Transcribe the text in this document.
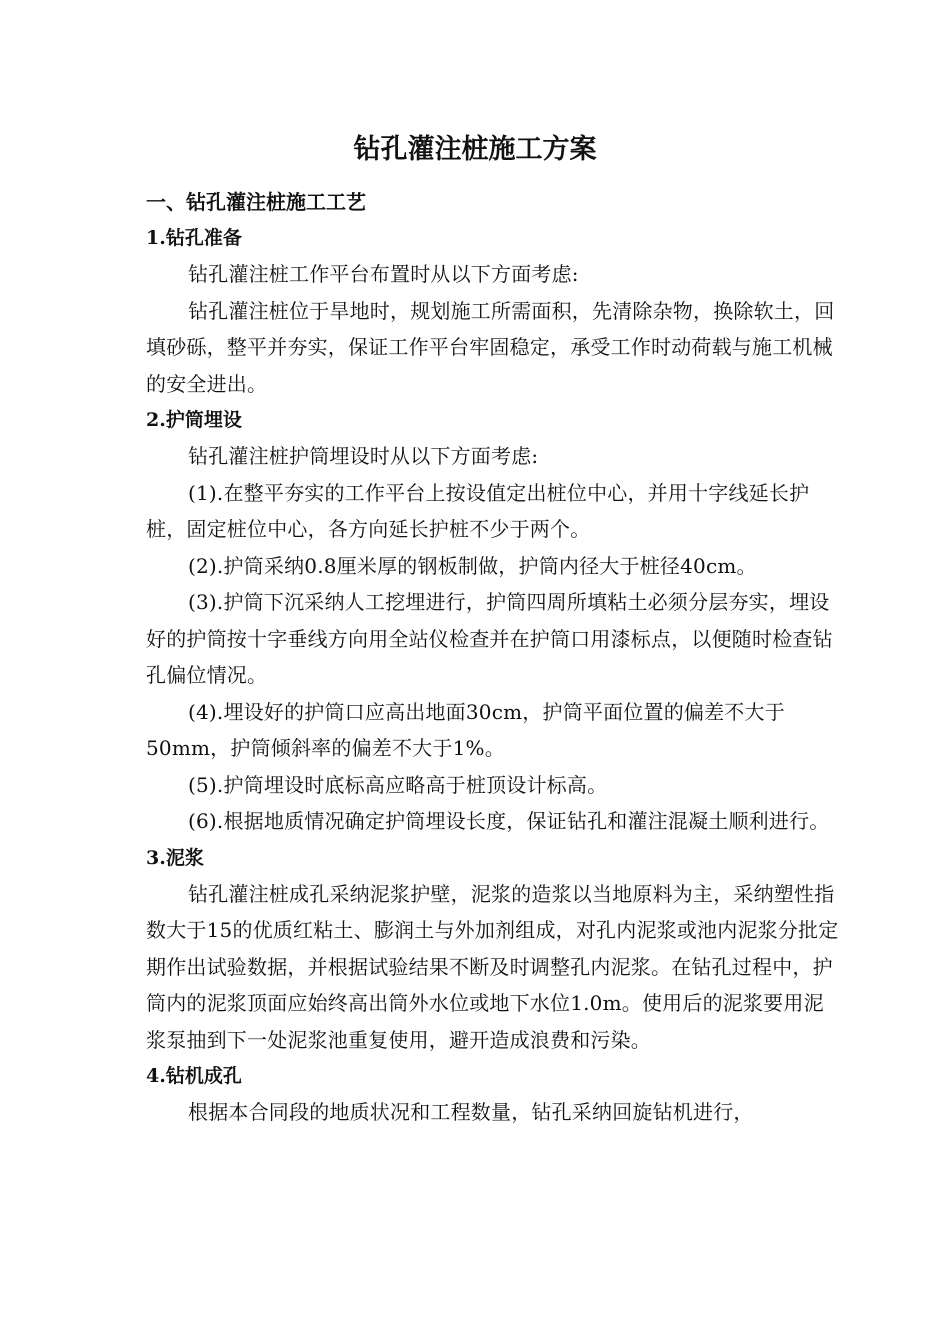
钻孔灌注桩施工方案
一、钻孔灌注桩施工工艺
1.钻孔准备

钻孔灌注桩工作平台布置时从以下方面考虑:

钻孔灌注桩位于旱地时，规划施工所需面积，先清除杂物，换除软土，回填砂砾，整平并夯实，保证工作平台牢固稳定，承受工作时动荷载与施工机械的安全进出。

2.护筒埋设

钻孔灌注桩护筒埋设时从以下方面考虑:

(1).在整平夯实的工作平台上按设值定出桩位中心，并用十字线延长护桩，固定桩位中心，各方向延长护桩不少于两个。

(2).护筒采纳0.8厘米厚的钢板制做，护筒内径大于桩径40cm。

(3).护筒下沉采纳人工挖埋进行，护筒四周所填粘土必须分层夯实，埋设好的护筒按十字垂线方向用全站仪检查并在护筒口用漆标点，以便随时检查钻孔偏位情况。

(4).埋设好的护筒口应高出地面30cm，护筒平面位置的偏差不大于50mm，护筒倾斜率的偏差不大于1%。

(5).护筒埋设时底标高应略高于桩顶设计标高。

(6).根据地质情况确定护筒埋设长度，保证钻孔和灌注混凝土顺利进行。

3.泥浆

钻孔灌注桩成孔采纳泥浆护壁，泥浆的造浆以当地原料为主，采纳塑性指数大于15的优质红粘土、膨润土与外加剂组成，对孔内泥浆或池内泥浆分批定期作出试验数据，并根据试验结果不断及时调整孔内泥浆。在钻孔过程中，护筒内的泥浆顶面应始终高出筒外水位或地下水位1.0m。使用后的泥浆要用泥浆泵抽到下一处泥浆池重复使用，避开造成浪费和污染。

4.钻机成孔

根据本合同段的地质状况和工程数量，钻孔采纳回旋钻机进行，
